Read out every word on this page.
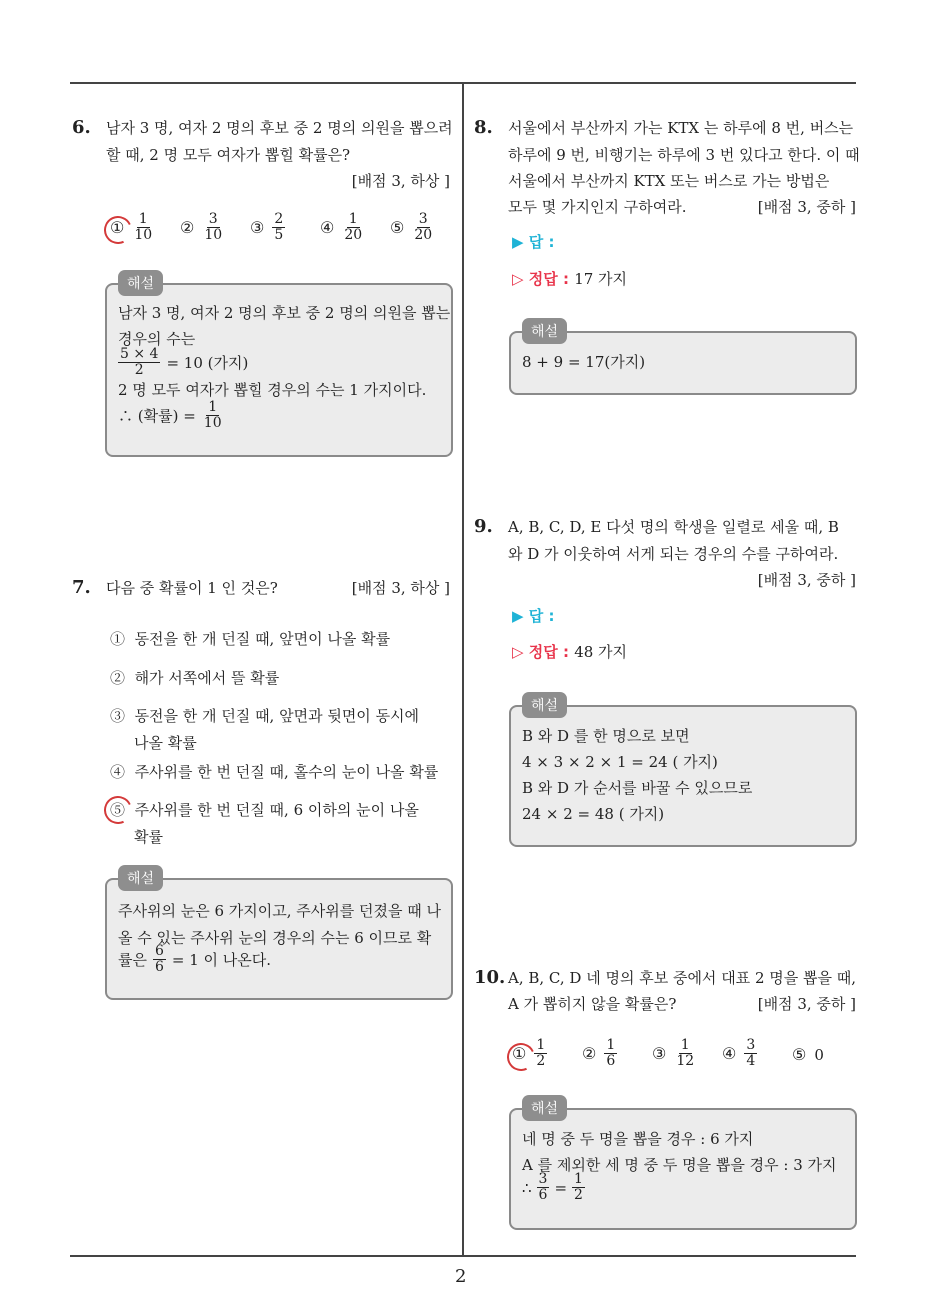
2
6. 남자 3 명, 여자 2 명의 후보 중 2 명의 의원을 뽑으려
할 때, 2 명 모두 여자가 뽑힐 확률은?
[배점 3, 하상 ]
① $\frac{1}{10}$ ② $\frac{3}{10}$ ③ $\frac{2}{5}$ ④ $\frac{1}{20}$ ⑤ $\frac{3}{20}$
해설
남자 3 명, 여자 2 명의 후보 중 2 명의 의원을 뽑는
경우의 수는
$\frac{5 \times 4}{2} = 10$ (가지)
2 명 모두 여자가 뽑힐 경우의 수는 1 가지이다.
∴ (확률) = $\frac{1}{10}$
7. 다음 중 확률이 1 인 것은?	[배점 3, 하상 ]
① 동전을 한 개 던질 때, 앞면이 나올 확률
② 해가 서쪽에서 뜰 확률
③ 동전을 한 개 던질 때, 앞면과 뒷면이 동시에
나올 확률
④ 주사위를 한 번 던질 때, 홀수의 눈이 나올 확률
⑤ 주사위를 한 번 던질 때, 6 이하의 눈이 나올
확률
해설
주사위의 눈은 6 가지이고, 주사위를 던졌을 때 나
올 수 있는 주사위 눈의 경우의 수는 6 이므로 확
률은 $\frac{6}{6} = 1$ 이 나온다.
8. 서울에서 부산까지 가는 KTX 는 하루에 8 번, 버스는
하루에 9 번, 비행기는 하루에 3 번 있다고 한다. 이 때
서울에서 부산까지 KTX 또는 버스로 가는 방법은
모두 몇 가지인지 구하여라.	[배점 3, 중하 ]
▶ 답 :
▷ 정답 : 17 가지
해설
8 + 9 = 17(가지)
9. A, B, C, D, E 다섯 명의 학생을 일렬로 세울 때, B
와 D 가 이웃하여 서게 되는 경우의 수를 구하여라.
[배점 3, 중하 ]
▶ 답 :
▷ 정답 : 48 가지
해설
B 와 D 를 한 명으로 보면
4 × 3 × 2 × 1 = 24 ( 가지)
B 와 D 가 순서를 바꿀 수 있으므로
24 × 2 = 48 ( 가지)
10. A, B, C, D 네 명의 후보 중에서 대표 2 명을 뽑을 때,
A 가 뽑히지 않을 확률은?	[배점 3, 중하 ]
① $\frac{1}{2}$ ② $\frac{1}{6}$ ③ $\frac{1}{12}$ ④ $\frac{3}{4}$ ⑤ 0
해설
네 명 중 두 명을 뽑을 경우 : 6 가지
A 를 제외한 세 명 중 두 명을 뽑을 경우 : 3 가지
∴ $\frac{3}{6} = \frac{1}{2}$
